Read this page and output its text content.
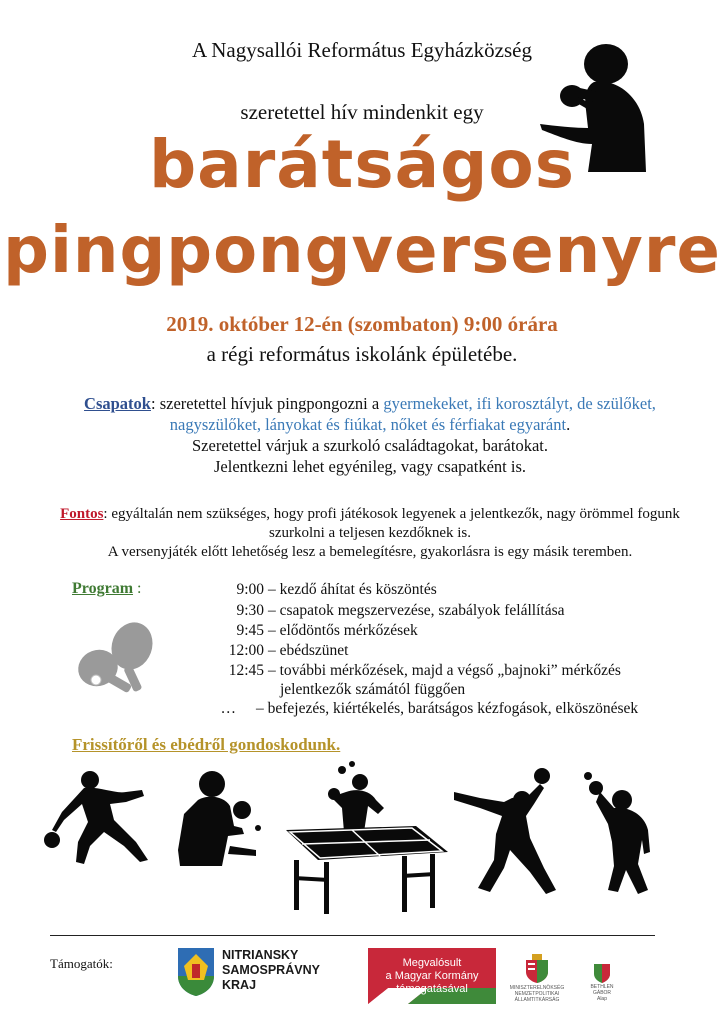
A Nagysallói Református Egyházközség
szeretettel hív mindenkit egy
barátságos
pingpongversenyre
2019. október 12-én (szombaton) 9:00 órára
a régi református iskolánk épületébe.
Csapatok: szeretettel hívjuk pingpongozni a gyermekeket, ifi korosztályt, de szülőket, nagyszülőket, lányokat és fiúkat, nőket és férfiakat egyaránt.
Szeretettel várjuk a szurkoló családtagokat, barátokat.
Jelentkezni lehet egyénileg, vagy csapatként is.
Fontos: egyáltalán nem szükséges, hogy profi játékosok legyenek a jelentkezők, nagy örömmel fogunk szurkolni a teljesen kezdőknek is.
A versenyjáték előtt lehetőség lesz a bemelegítésre, gyakorlásra is egy másik teremben.
Program :	9:00 – kezdő áhítat és köszöntés
9:30 – csapatok megszervezése, szabályok felállítása
9:45 – elődöntős mérkőzések
12:00 – ebédszünet
12:45 – további mérkőzések, majd a végső „bajnoki” mérkőzés
jelentkezők számától függően
… – befejezés, kiértékelés, barátságos kézfogások, elköszönések
Frissítőről és ebédről gondoskodunk.
Támogatók:
NITRIANSKY
SAMOSPRÁVNY
KRAJ
Megvalósult
a Magyar Kormány
támogatásával	MINISZTERELNÖKSÉG
NEMZETPOLITIKAI ÁLLAMTITKÁRSÁG
BETHLEN GÁBOR
Alap
